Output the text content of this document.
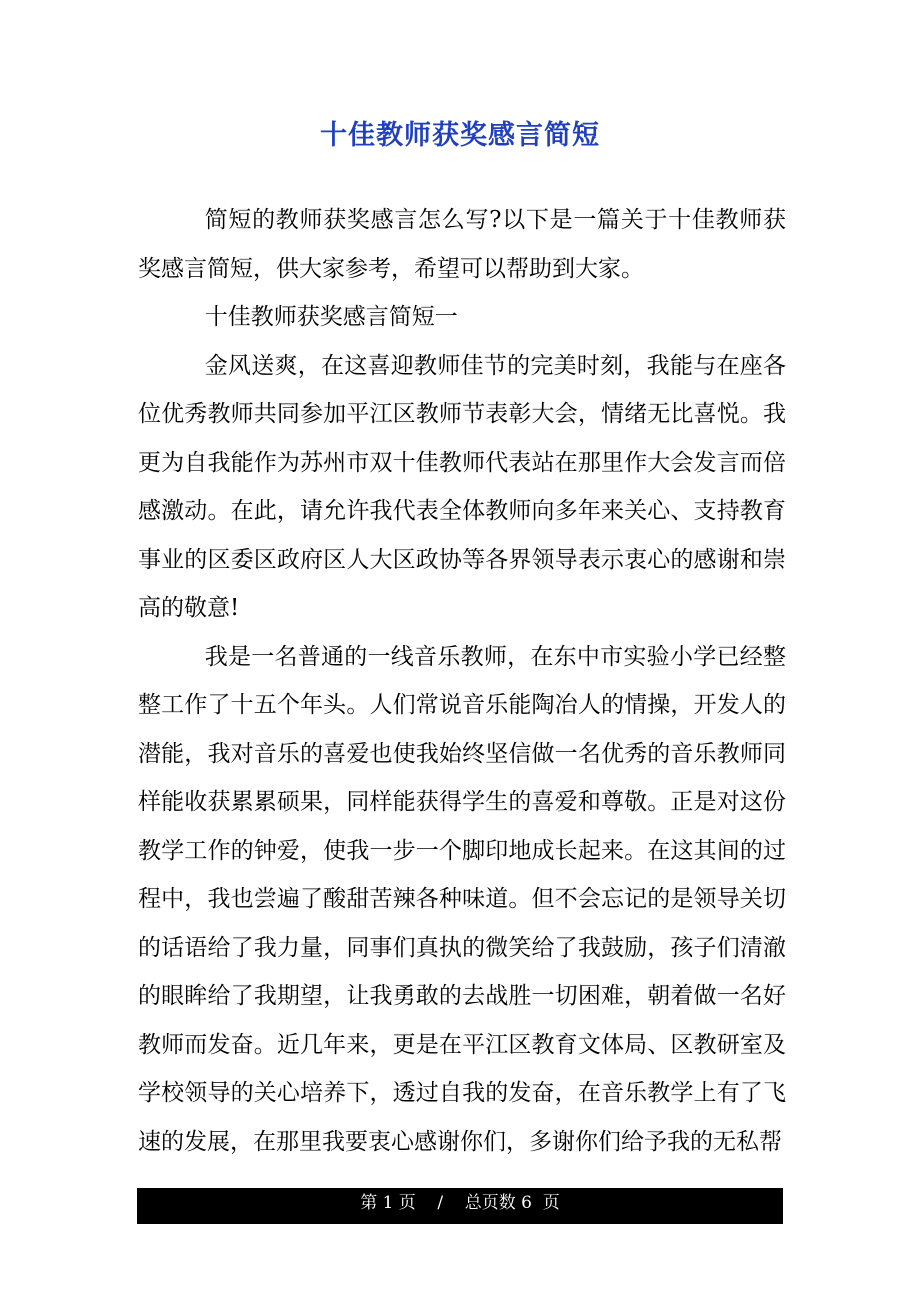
十佳教师获奖感言简短

简短的教师获奖感言怎么写?以下是一篇关于十佳教师获奖感言简短，供大家参考，希望可以帮助到大家。

十佳教师获奖感言简短一

金风送爽，在这喜迎教师佳节的完美时刻，我能与在座各位优秀教师共同参加平江区教师节表彰大会，情绪无比喜悦。我更为自我能作为苏州市双十佳教师代表站在那里作大会发言而倍感激动。在此，请允许我代表全体教师向多年来关心、支持教育事业的区委区政府区人大区政协等各界领导表示衷心的感谢和崇高的敬意!

我是一名普通的一线音乐教师，在东中市实验小学已经整整工作了十五个年头。人们常说音乐能陶冶人的情操，开发人的潜能，我对音乐的喜爱也使我始终坚信做一名优秀的音乐教师同样能收获累累硕果，同样能获得学生的喜爱和尊敬。正是对这份教学工作的钟爱，使我一步一个脚印地成长起来。在这其间的过程中，我也尝遍了酸甜苦辣各种味道。但不会忘记的是领导关切的话语给了我力量，同事们真执的微笑给了我鼓励，孩子们清澈的眼眸给了我期望，让我勇敢的去战胜一切困难，朝着做一名好教师而发奋。近几年来，更是在平江区教育文体局、区教研室及学校领导的关心培养下，透过自我的发奋，在音乐教学上有了飞速的发展，在那里我要衷心感谢你们，多谢你们给予我的无私帮

第 1 页    /    总页数 6  页
